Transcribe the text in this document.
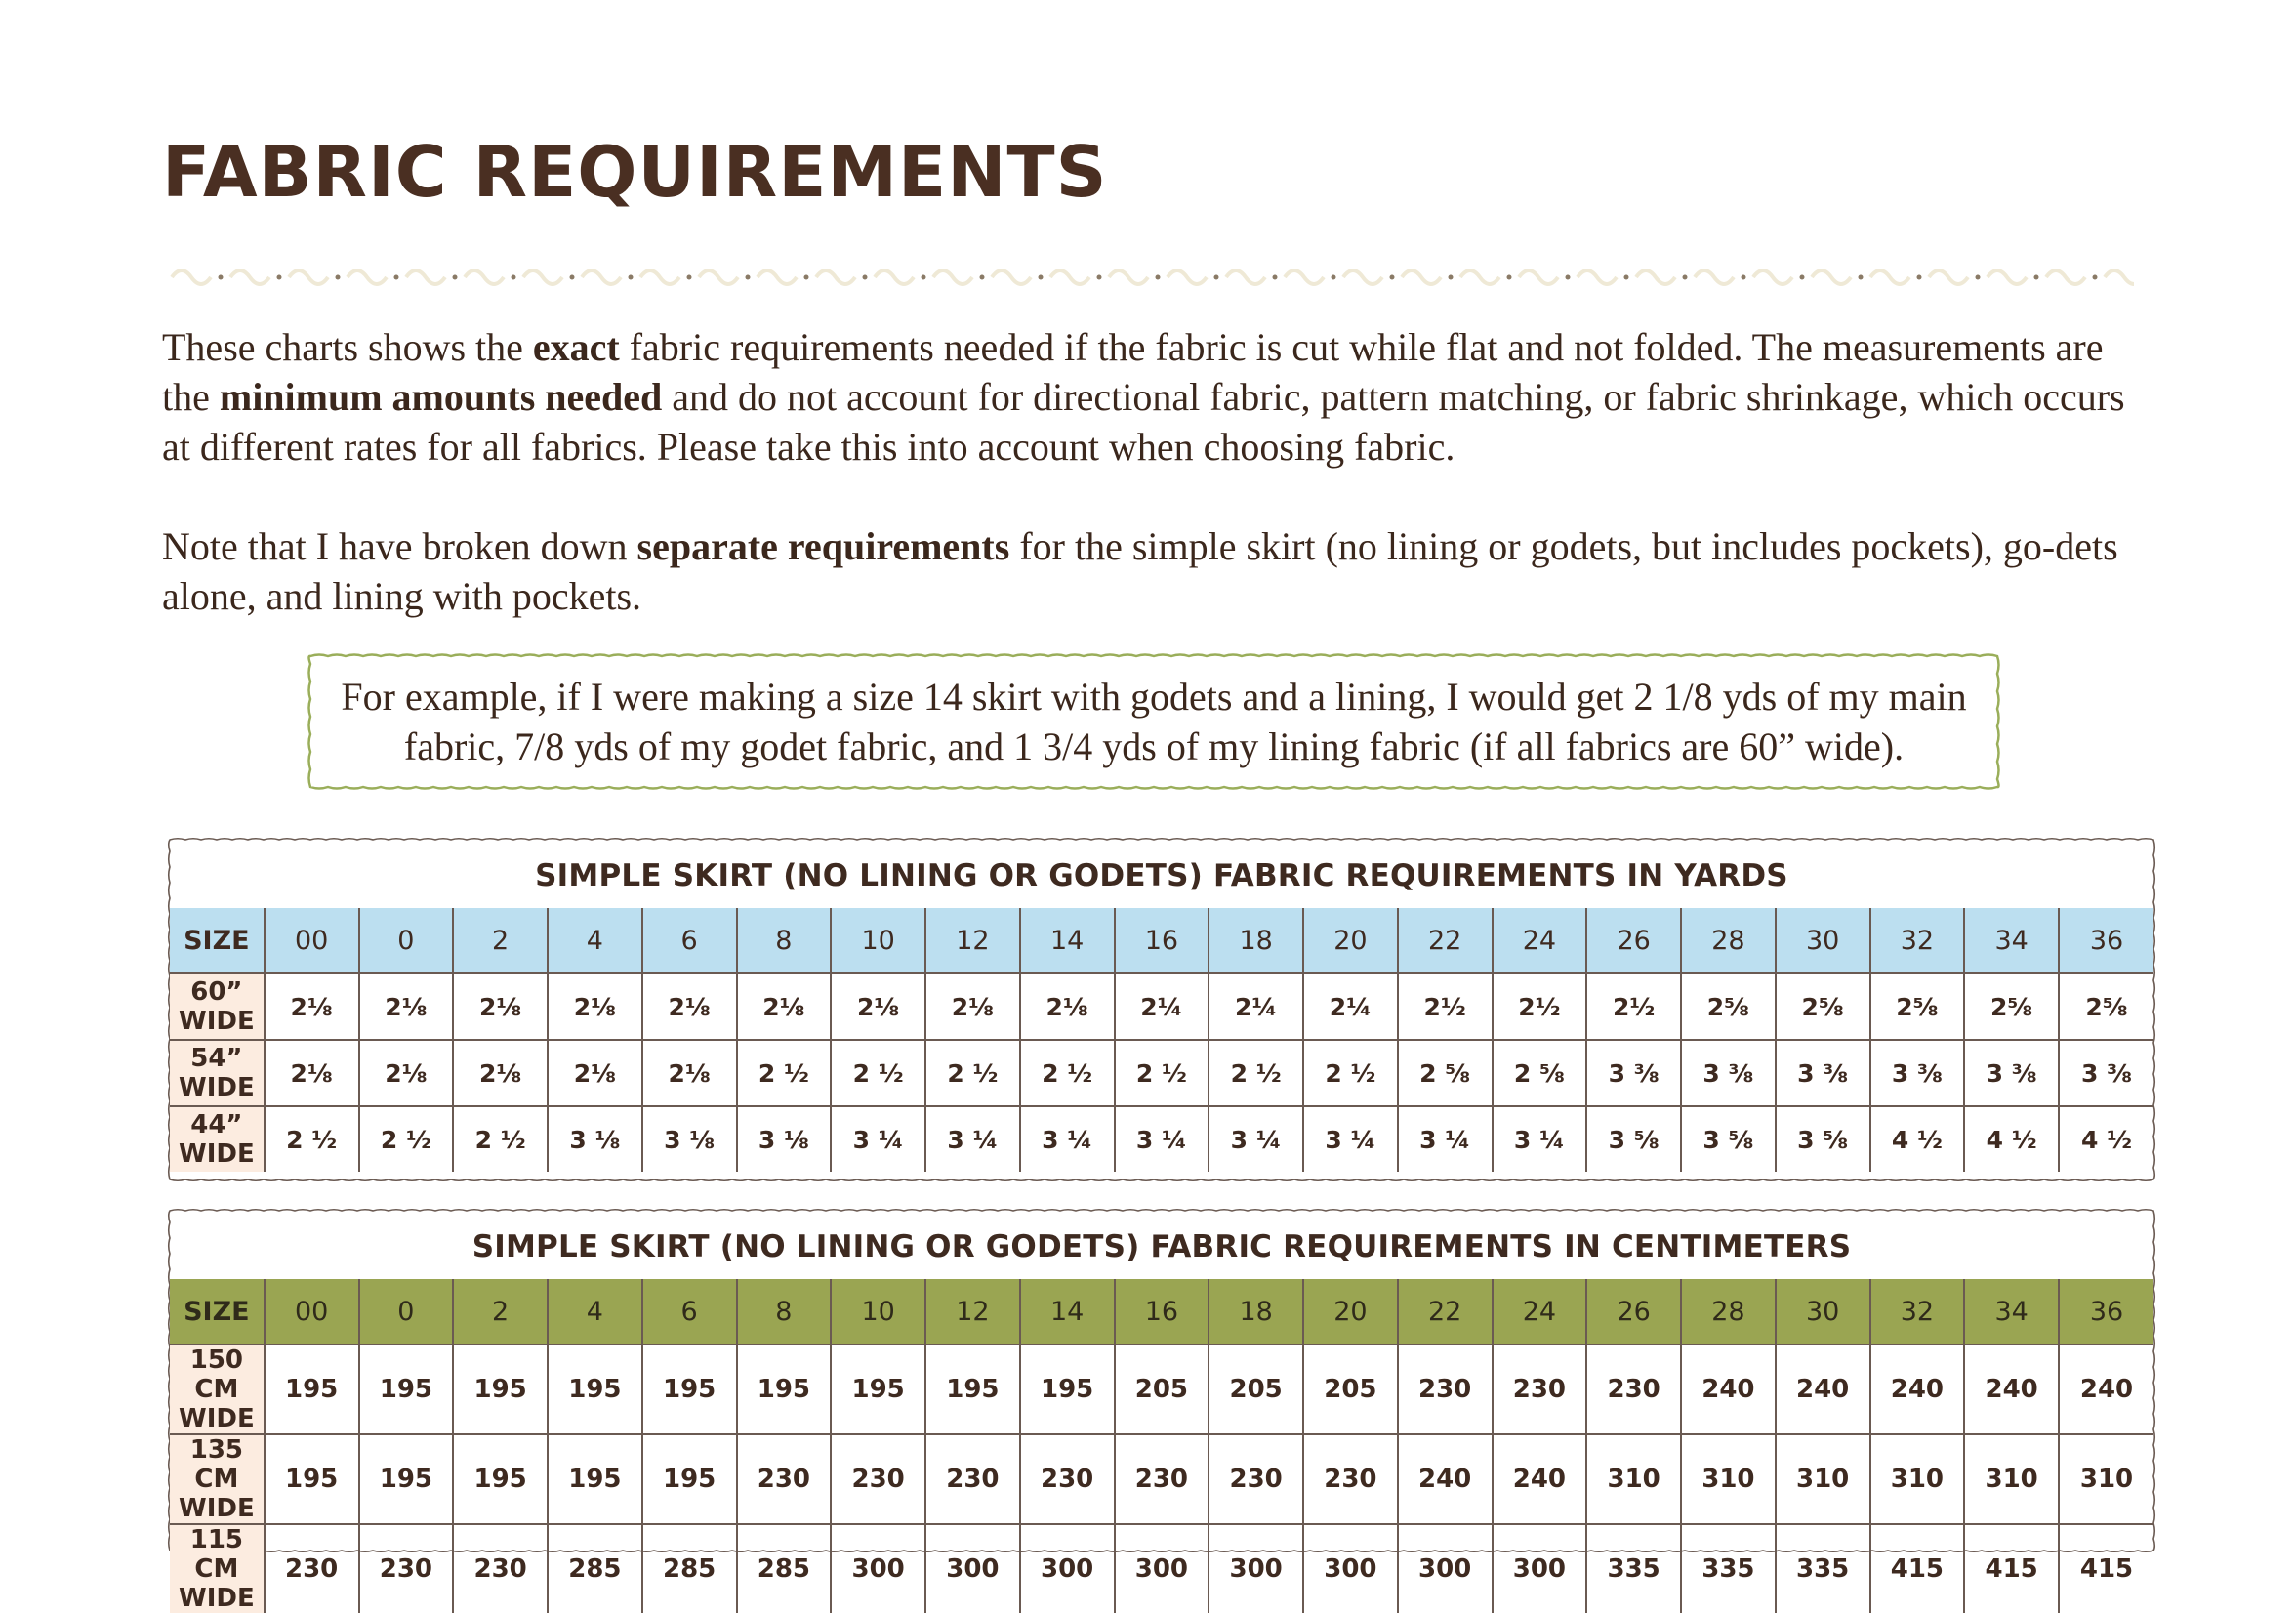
FABRIC REQUIREMENTS

These charts shows the exact fabric requirements needed if the fabric is cut while flat and not folded. The measurements are the minimum amounts needed and do not account for directional fabric, pattern matching, or fabric shrinkage, which occurs at different rates for all fabrics. Please take this into account when choosing fabric.

Note that I have broken down separate requirements for the simple skirt (no lining or godets, but includes pockets), go-dets alone, and lining with pockets.

For example, if I were making a size 14 skirt with godets and a lining, I would get 2 1/8 yds of my main fabric, 7/8 yds of my godet fabric, and 1 3/4 yds of my lining fabric (if all fabrics are 60” wide).

SIMPLE SKIRT (NO LINING OR GODETS) FABRIC REQUIREMENTS IN YARDS
SIZE	00	0	2	4	6	8	10	12	14	16	18	20	22	24	26	28	30	32	34	36
60” WIDE	2⅛	2⅛	2⅛	2⅛	2⅛	2⅛	2⅛	2⅛	2⅛	2¼	2¼	2¼	2½	2½	2½	2⅝	2⅝	2⅝	2⅝	2⅝
54” WIDE	2⅛	2⅛	2⅛	2⅛	2⅛	2 ½	2 ½	2 ½	2 ½	2 ½	2 ½	2 ½	2 ⅝	2 ⅝	3 ⅜	3 ⅜	3 ⅜	3 ⅜	3 ⅜	3 ⅜
44” WIDE	2 ½	2 ½	2 ½	3 ⅛	3 ⅛	3 ⅛	3 ¼	3 ¼	3 ¼	3 ¼	3 ¼	3 ¼	3 ¼	3 ¼	3 ⅝	3 ⅝	3 ⅝	4 ½	4 ½	4 ½
SIMPLE SKIRT (NO LINING OR GODETS) FABRIC REQUIREMENTS IN CENTIMETERS
SIZE	00	0	2	4	6	8	10	12	14	16	18	20	22	24	26	28	30	32	34	36
150 CM WIDE	195	195	195	195	195	195	195	195	195	205	205	205	230	230	230	240	240	240	240	240
135 CM WIDE	195	195	195	195	195	230	230	230	230	230	230	230	240	240	310	310	310	310	310	310
115 CM WIDE	230	230	230	285	285	285	300	300	300	300	300	300	300	300	335	335	335	415	415	415
